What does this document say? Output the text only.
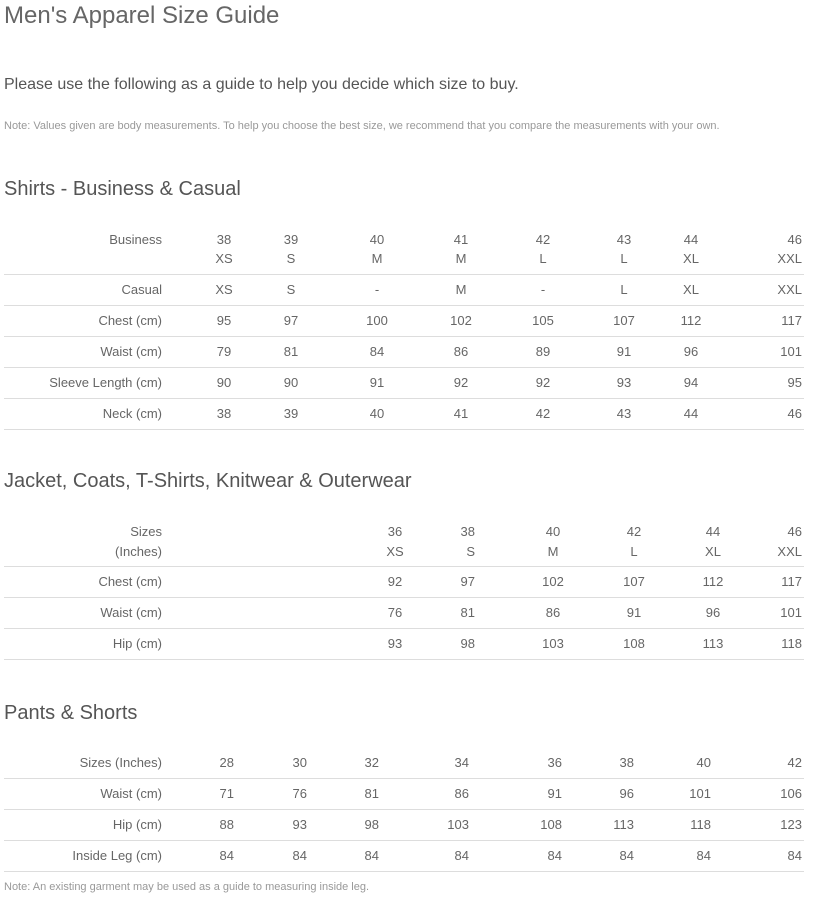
Men's Apparel Size Guide

Please use the following as a guide to help you decide which size to buy.

Note: Values given are body measurements. To help you choose the best size, we recommend that you compare the measurements with your own.

Shirts - Business & Casual
Business	38	39	40	41	42	43	44	46
XS	S	M	M	L	L	XL	XXL
Casual	XS	S	-	M	-	L	XL	XXL
Chest (cm)	95	97	100	102	105	107	112	117
Waist (cm)	79	81	84	86	89	91	96	101
Sleeve Length (cm)	90	90	91	92	92	93	94	95
Neck (cm)	38	39	40	41	42	43	44	46
Jacket, Coats, T-Shirts, Knitwear & Outerwear
Sizes
(Inches)
36	38	40	42	44	46
XS	S	M	L	XL	XXL
Chest (cm)	92	97	102	107	112	117
Waist (cm)	76	81	86	91	96	101
Hip (cm)	93	98	103	108	113	118
Pants & Shorts
Sizes (Inches)	28	30	32	34	36	38	40	42
Waist (cm)	71	76	81	86	91	96	101	106
Hip (cm)	88	93	98	103	108	113	118	123
Inside Leg (cm)	84	84	84	84	84	84	84	84

Note: An existing garment may be used as a guide to measuring inside leg.
